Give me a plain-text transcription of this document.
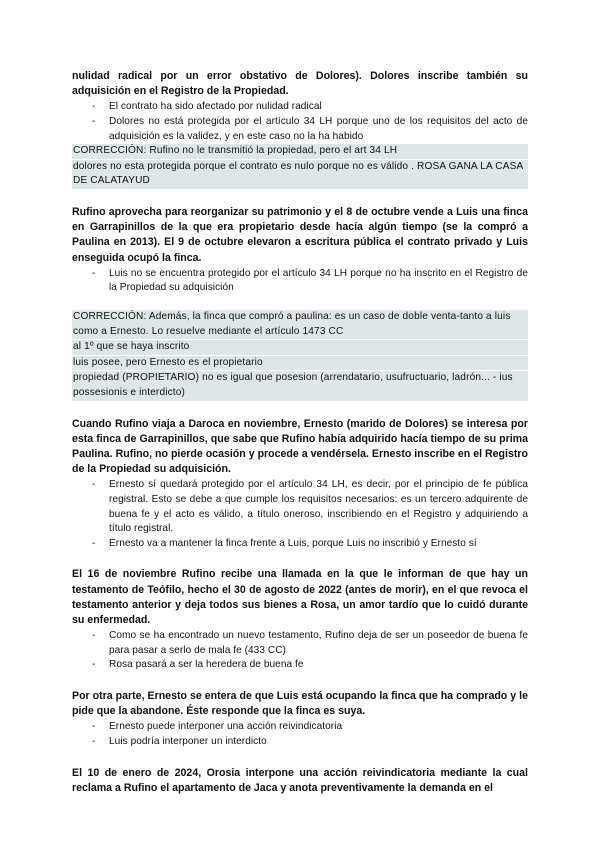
nulidad radical por un error obstativo de Dolores). Dolores inscribe también su adquisición en el Registro de la Propiedad.

- El contrato ha sido afectado por nulidad radical
- Dolores no está protegida por el artículo 34 LH porque uno de los requisitos del acto de adquisición es la validez, y en este caso no la ha habido

CORRECCIÓN: Rufino no le transmitió la propiedad, pero el art 34 LH

dolores no esta protegida porque el contrato es nulo porque no es válido . ROSA GANA LA CASA DE CALATAYUD

Rufino aprovecha para reorganizar su patrimonio y el 8 de octubre vende a Luis una finca en Garrapinillos de la que era propietario desde hacía algún tiempo (se la compró a Paulina en 2013). El 9 de octubre elevaron a escritura pública el contrato privado y Luis enseguida ocupó la finca.

- Luis no se encuentra protegido por el artículo 34 LH porque no ha inscrito en el Registro de la Propiedad su adquisición

CORRECCIÓN: Además, la finca que compró a paulina: es un caso de doble venta-tanto a luis como a Ernesto. Lo resuelve mediante el artículo 1473 CC

al 1º que se haya inscrito

luis posee, pero Ernesto es el propietario

propiedad (PROPIETARIO) no es igual que posesion (arrendatario, usufructuario, ladrón... - ius possesionis e interdicto)

Cuando Rufino viaja a Daroca en noviembre, Ernesto (marido de Dolores) se interesa por esta finca de Garrapinillos, que sabe que Rufino había adquirido hacía tiempo de su prima Paulina. Rufino, no pierde ocasión y procede a vendérsela. Ernesto inscribe en el Registro de la Propiedad su adquisición.

- Ernesto sí quedará protegido por el artículo 34 LH, es decir, por el principio de fe pública registral. Esto se debe a que cumple los requisitos necesarios: es un tercero adquirente de buena fe y el acto es válido, a título oneroso, inscribiendo en el Registro y adquiriendo a título registral.
- Ernesto va a mantener la finca frente a Luis, porque Luis no inscribió y Ernesto sí

El 16 de noviembre Rufino recibe una llamada en la que le informan de que hay un testamento de Teófilo, hecho el 30 de agosto de 2022 (antes de morir), en el que revoca el testamento anterior y deja todos sus bienes a Rosa, un amor tardío que lo cuidó durante su enfermedad.

- Como se ha encontrado un nuevo testamento, Rufino deja de ser un poseedor de buena fe para pasar a serlo de mala fe (433 CC)
- Rosa pasará a ser la heredera de buena fe

Por otra parte, Ernesto se entera de que Luis está ocupando la finca que ha comprado y le pide que la abandone. Éste responde que la finca es suya.

- Ernesto puede interponer una acción reivindicatoria
- Luis podría interponer un interdicto

El 10 de enero de 2024, Orosia interpone una acción reivindicatoria mediante la cual reclama a Rufino el apartamento de Jaca y anota preventivamente la demanda en el
